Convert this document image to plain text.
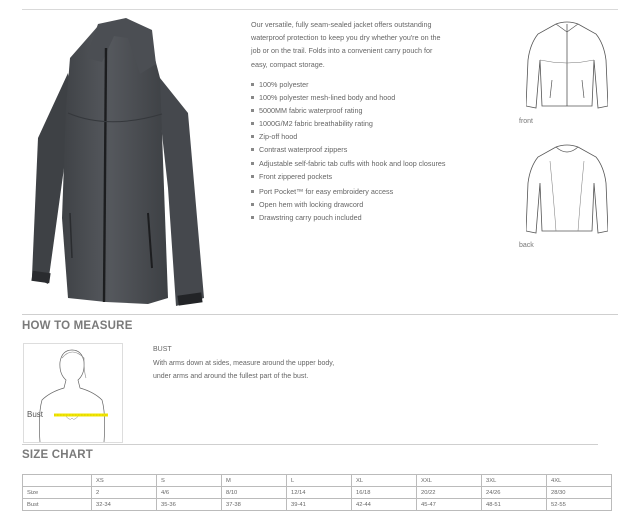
Our versatile, fully seam-sealed jacket offers outstanding
waterproof protection to keep you dry whether you're on the
job or on the trail. Folds into a convenient carry pouch for
easy, compact storage.
100% polyester
100% polyester mesh-lined body and hood
5000MM fabric waterproof rating
1000G/M2 fabric breathability rating
Zip-off hood
Contrast waterproof zippers
Adjustable self-fabric tab cuffs with hook and loop closures
Front zippered pockets
Port Pocket™ for easy embroidery access
Open hem with locking drawcord
Drawstring carry pouch included
front
back
HOW TO MEASURE
Bust
BUST
With arms down at sides, measure around the upper body,
under arms and around the fullest part of the bust.
SIZE CHART
	XS	S	M	L	XL	XXL	3XL	4XL
Size	2	4/6	8/10	12/14	16/18	20/22	24/26	28/30
Bust	32-34	35-36	37-38	39-41	42-44	45-47	48-51	52-55
